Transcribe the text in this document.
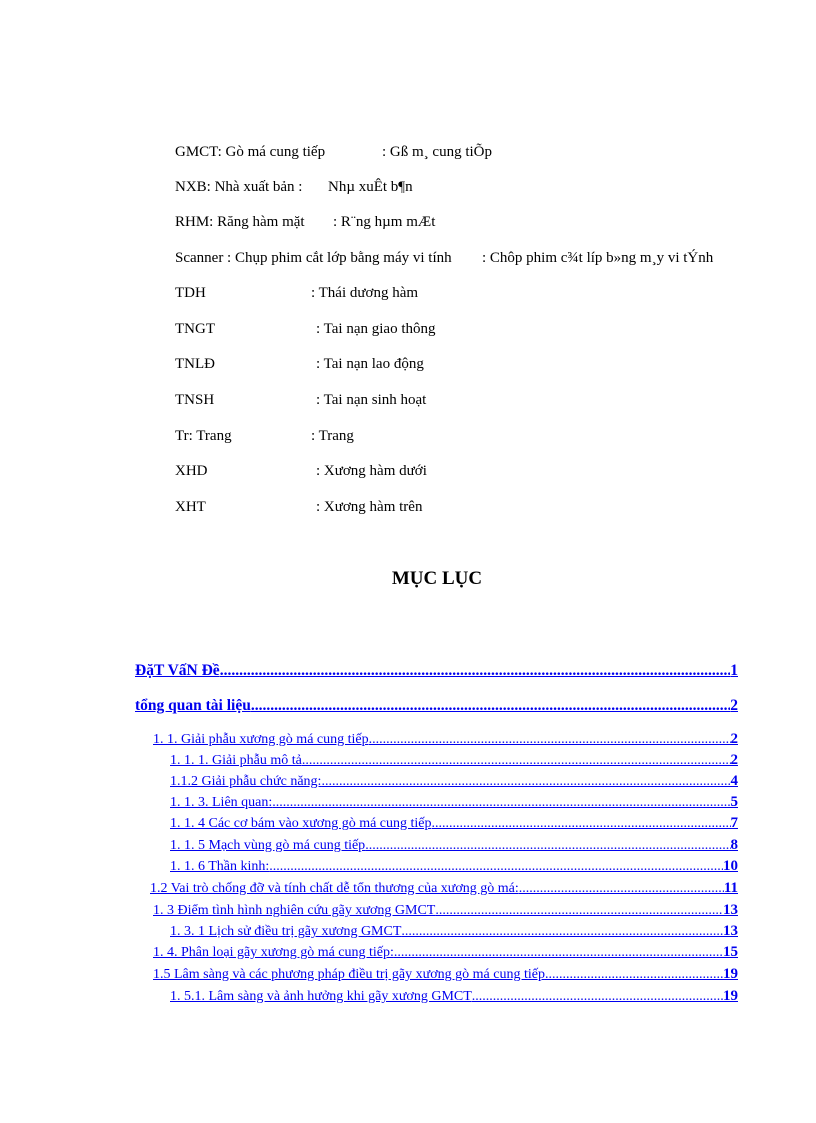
GMCT: Gò má cung tiếp	: Gß m¸ cung tiÕp
NXB: Nhà xuất bản : Nhµ xuÊt b¶n
RHM: Răng hàm mặt : R¨ng hµm mÆt
Scanner : Chụp phim cắt lớp bằng máy vi tính : Chôp phim c¾t líp b»ng m¸y vi tÝnh
TDH	: Thái dương hàm
TNGT	: Tai nạn giao thông
TNLĐ	: Tai nạn lao động
TNSH	: Tai nạn sinh hoạt
Tr: Trang	: Trang
XHD	: Xương hàm dưới
XHT	: Xương hàm trên
MỤC LỤC
ĐặT VấN Đề .....	1
tổng quan tài liệu .....	2
1. 1. Giải phẫu xương gò má cung tiếp .....	2
1. 1. 1. Giải phẫu mô tả .....	2
1.1.2 Giải phẫu chức năng: .....	4
1. 1. 3. Liên quan: .....	5
1. 1. 4 Các cơ bám vào xương gò má cung tiếp .....	7
1. 1. 5 Mạch vùng gò má cung tiếp .....	8
1. 1. 6 Thần kinh: .....	10
1.2 Vai trò chống đỡ và tính chất dễ tổn thương của xương gò má: .....	11
1. 3 Điểm tình hình nghiên cứu gãy xương GMCT .....	13
1. 3. 1 Lịch sử điều trị gãy xương GMCT .....	13
1. 4. Phân loại gãy xương gò má cung tiếp: .....	15
1.5 Lâm sàng và các phương pháp điều trị gãy xương gò má cung tiếp .....	19
1. 5.1. Lâm sàng và ảnh hưởng khi gãy xương GMCT .....	19
